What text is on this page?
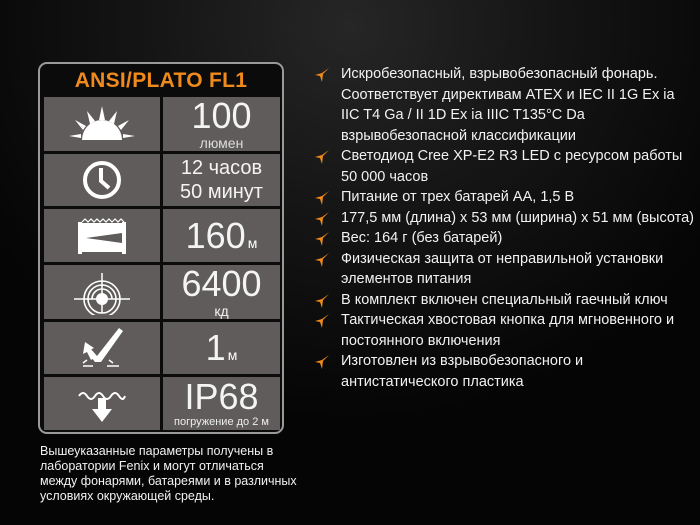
ANSI/PLATO FL1
100
люмен
12 часов
50 минут
160 м
6400
кд
1 м
IP68
погружение до 2 м
Вышеуказанные параметры получены в лаборатории Fenix и могут отличаться между фонарями, батареями и в различных условиях окружающей среды.
Искробезопасный, взрывобезопасный фонарь. Соответствует директивам ATEX и IEC II 1G Ex ia IIC T4 Ga / II 1D Ex ia IIIC T135°C Da взрывобезопасной классификации
Светодиод Cree XP-E2 R3 LED с ресурсом работы 50 000 часов
Питание от трех батарей АА, 1,5 В
177,5 мм (длина) x 53 мм (ширина) x 51 мм (высота)
Вес: 164 г (без батарей)
Физическая защита от неправильной установки элементов питания
В комплект включен специальный гаечный ключ
Тактическая хвостовая кнопка для мгновенного и постоянного включения
Изготовлен из взрывобезопасного и антистатического пластика
